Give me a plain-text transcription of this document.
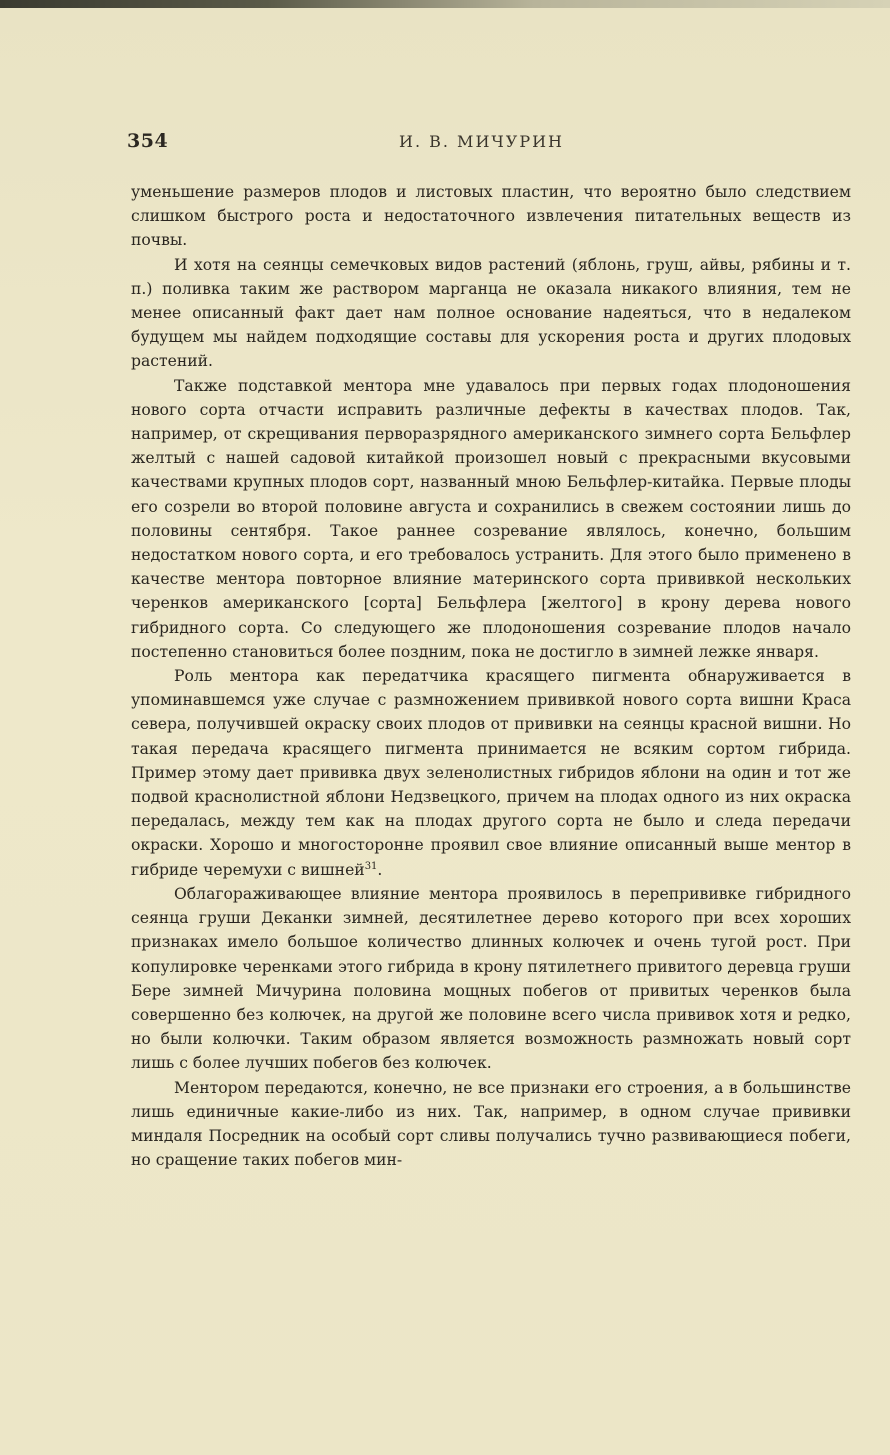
354	И. В. МИЧУРИН

уменьшение размеров плодов и листовых пластин, что вероятно было следствием слишком быстрого роста и недостаточного извлечения питательных веществ из почвы.

И хотя на сеянцы семечковых видов растений (яблонь, груш, айвы, рябины и т. п.) поливка таким же раствором марганца не оказала никакого влияния, тем не менее описанный факт дает нам полное основание надеяться, что в недалеком будущем мы найдем подходящие составы для ускорения роста и других плодовых растений.

Также подставкой ментора мне удавалось при первых годах плодоношения нового сорта отчасти исправить различные дефекты в качествах плодов. Так, например, от скрещивания перворазрядного американского зимнего сорта Бельфлер желтый с нашей садовой китайкой произошел новый с прекрасными вкусовыми качествами крупных плодов сорт, названный мною Бельфлер-китайка. Первые плоды его созрели во второй половине августа и сохранились в свежем состоянии лишь до половины сентября. Такое раннее созревание являлось, конечно, большим недостатком нового сорта, и его требовалось устранить. Для этого было применено в качестве ментора повторное влияние материнского сорта прививкой нескольких черенков американского [сорта] Бельфлера [желтого] в крону дерева нового гибридного сорта. Со следующего же плодоношения созревание плодов начало постепенно становиться более поздним, пока не достигло в зимней лежке января.

Роль ментора как передатчика красящего пигмента обнаруживается в упоминавшемся уже случае с размножением прививкой нового сорта вишни Краса севера, получившей окраску своих плодов от прививки на сеянцы красной вишни. Но такая передача красящего пигмента принимается не всяким сортом гибрида. Пример этому дает прививка двух зеленолистных гибридов яблони на один и тот же подвой краснолистной яблони Недзвецкого, причем на плодах одного из них окраска передалась, между тем как на плодах другого сорта не было и следа передачи окраски. Хорошо и многосторонне проявил свое влияние описанный выше ментор в гибриде черемухи с вишней$^{31}$.

Облагораживающее влияние ментора проявилось в перепрививке гибридного сеянца груши Деканки зимней, десятилетнее дерево которого при всех хороших признаках имело большое количество длинных колючек и очень тугой рост. При копулировке черенками этого гибрида в крону пятилетнего привитого деревца груши Бере зимней Мичурина половина мощных побегов от привитых черенков была совершенно без колючек, на другой же половине всего числа прививок хотя и редко, но были колючки. Таким образом является возможность размножать новый сорт лишь с более лучших побегов без колючек.

Ментором передаются, конечно, не все признаки его строения, а в большинстве лишь единичные какие-либо из них. Так, например, в одном случае прививки миндаля Посредник на особый сорт сливы получались тучно развивающиеся побеги, но сращение таких побегов мин-
